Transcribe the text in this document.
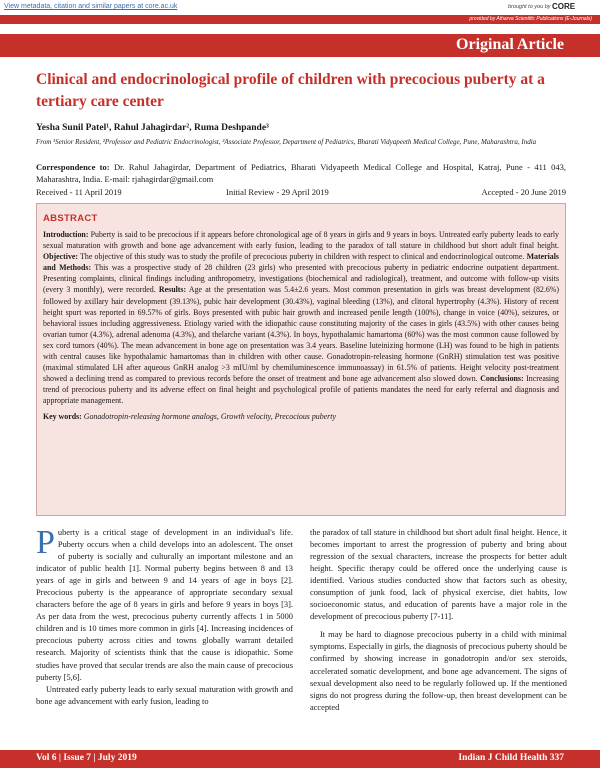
View metadata, citation and similar papers at core.ac.uk	brought to you by CORE
provided by Atharva Scientific Publications (E-Journals)
Original Article
Clinical and endocrinological profile of children with precocious puberty at a tertiary care center
Yesha Sunil Patel¹, Rahul Jahagirdar², Ruma Deshpande³
From ¹Senior Resident, ²Professor and Pediatric Endocrinologist, ³Associate Professor, Department of Pediatrics, Bharati Vidyapeeth Medical College, Pune, Maharashtra, India
Correspondence to: Dr. Rahul Jahagirdar, Department of Pediatrics, Bharati Vidyapeeth Medical College and Hospital, Katraj, Pune - 411 043, Maharashtra, India. E-mail: rjahagirdar@gmail.com
Received - 11 April 2019	Initial Review - 29 April 2019	Accepted - 20 June 2019
ABSTRACT
Introduction: Puberty is said to be precocious if it appears before chronological age of 8 years in girls and 9 years in boys. Untreated early puberty leads to early sexual maturation with growth and bone age advancement with early fusion, leading to the paradox of tall stature in childhood but short adult final height. Objective: The objective of this study was to study the profile of precocious puberty in children with respect to clinical and endocrinological outcome. Materials and Methods: This was a prospective study of 28 children (23 girls) who presented with precocious puberty in pediatric endocrine outpatient department. Presenting complaints, clinical findings including anthropometry, investigations (biochemical and radiological), treatment, and outcome with follow-up visits (every 3 monthly), were recorded. Results: Age at the presentation was 5.4±2.6 years. Most common presentation in girls was breast development (82.6%) followed by axillary hair development (39.13%), pubic hair development (30.43%), vaginal bleeding (13%), and clitoral hypertrophy (4.3%). History of recent height spurt was reported in 69.57% of girls. Boys presented with pubic hair growth and increased penile length (100%), change in voice (40%), seizures, or behavioral issues including aggressiveness. Etiology varied with the idiopathic cause constituting majority of the cases in girls (43.5%) with other causes being ovarian tumor (4.3%), adrenal adenoma (4.3%), and thelarche variant (4.3%). In boys, hypothalamic hamartoma (60%) was the most common cause followed by sex cord tumors (40%). The mean advancement in bone age on presentation was 3.4 years. Baseline luteinizing hormone (LH) was found to be high in patients with central causes like hypothalamic hamartomas than in children with other cause. Gonadotropin-releasing hormone (GnRH) stimulation test was positive (maximal stimulated LH after aqueous GnRH analog >3 mIU/ml by chemiluminescence immunoassay) in 61.5% of patients. Height velocity post-treatment showed a declining trend as compared to previous records before the onset of treatment and bone age advancement also slowed down. Conclusions: Increasing trend of precocious puberty and its adverse effect on final height and psychological profile of patients mandates the need for early referral and diagnosis and appropriate management.
Key words: Gonadotropin-releasing hormone analogs, Growth velocity, Precocious puberty

Puberty is a critical stage of development in an individual's life. Puberty occurs when a child develops into an adolescent. The onset of puberty is socially and culturally an important milestone and an indicator of public health [1]. Normal puberty begins between 8 and 13 years of age in girls and between 9 and 14 years of age in boys [2]. Precocious puberty is the appearance of appropriate secondary sexual characters before the age of 8 years in girls and before 9 years in boys [3]. As per data from the west, precocious puberty currently affects 1 in 5000 children and is 10 times more common in girls [4]. Increasing incidences of precocious puberty across cities and towns globally warrant detailed research. Majority of scientists think that the cause is idiopathic. Some studies have proved that secular trends are also the main cause of precocious puberty [5,6].

Untreated early puberty leads to early sexual maturation with growth and bone age advancement with early fusion, leading to

the paradox of tall stature in childhood but short adult final height. Hence, it becomes important to arrest the progression of puberty and bring about regression of the sexual characters, increase the prospects for better adult height. Specific therapy could be offered once the underlying cause is identified. Various studies conducted show that factors such as obesity, consumption of junk food, lack of physical exercise, diet habits, low socioeconomic status, and education of parents have a major role in the development of precocious puberty [7-11].

It may be hard to diagnose precocious puberty in a child with minimal symptoms. Especially in girls, the diagnosis of precocious puberty should be confirmed by showing increase in gonadotropin and/or sex steroids, accelerated somatic development, and bone age advancement. The signs of sexual development also need to be regularly followed up. If the mentioned signs do not progress during the follow-up, then breast development can be accepted

Vol 6 | Issue 7 | July 2019	Indian J Child Health 337
